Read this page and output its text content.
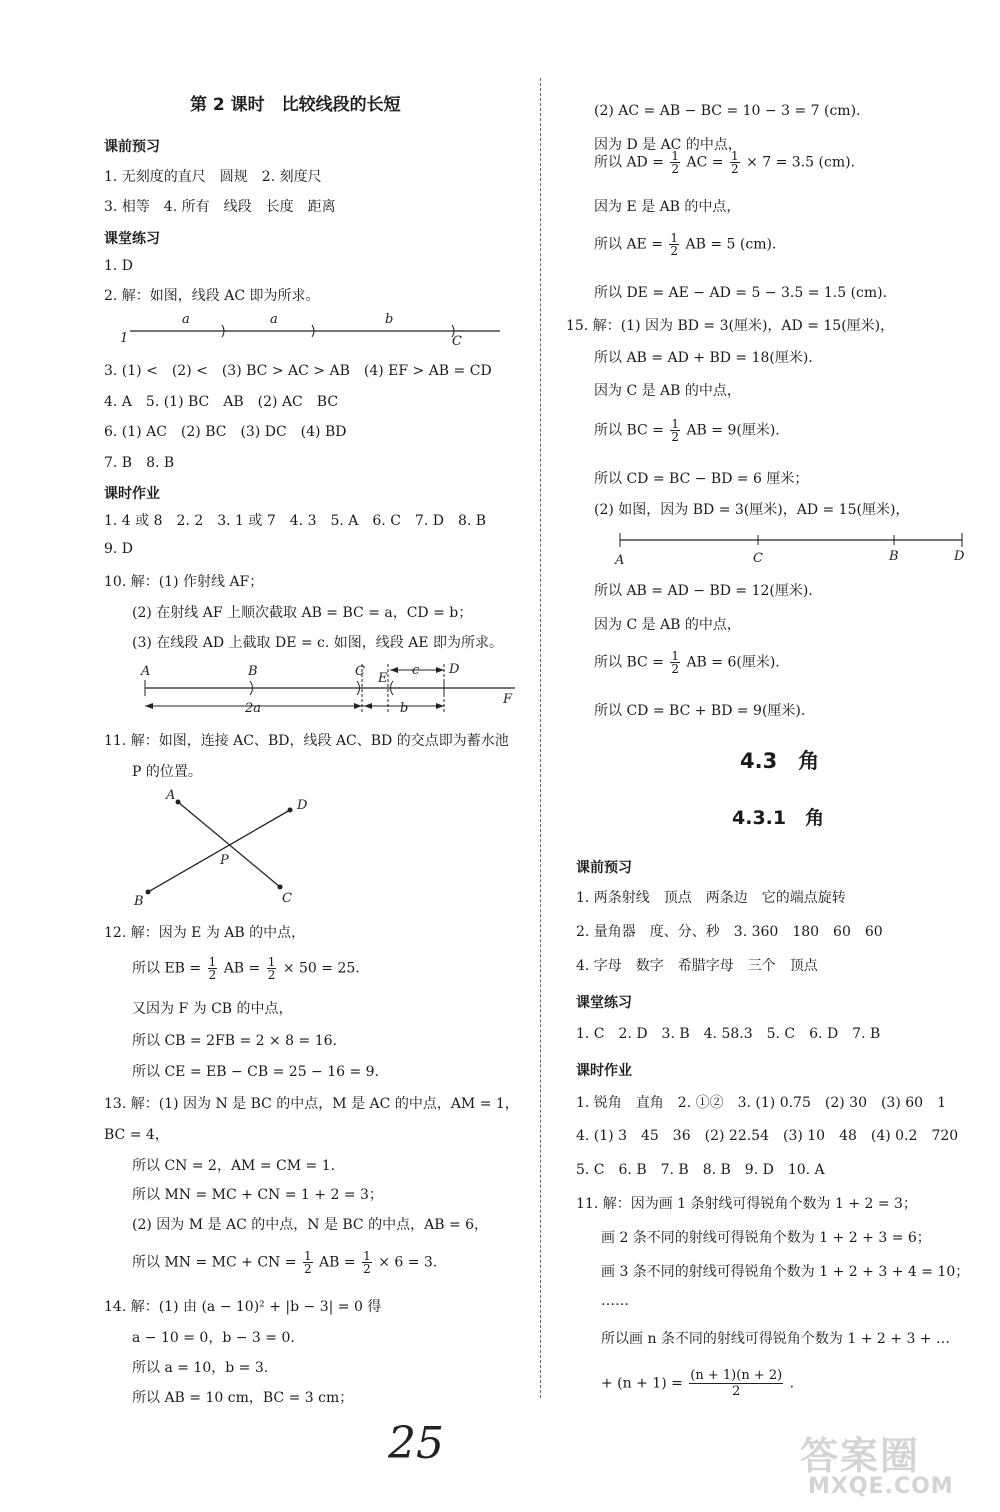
第 2 课时　比较线段的长短
课前预习
1. 无刻度的直尺　圆规　2. 刻度尺
3. 相等　4. 所有　线段　长度　距离
课堂练习
1. D
2. 解：如图，线段 AC 即为所求。
1
a	a	b
C
3. (1) <　(2) <　(3) BC > AC > AB　(4) EF > AB = CD
4. A　5. (1) BC　AB　(2) AC　BC
6. (1) AC　(2) BC　(3) DC　(4) BD
7. B　8. B
课时作业
1. 4 或 8　2. 2　3. 1 或 7　4. 3　5. A　6. C　7. D　8. B
9. D
10. 解：(1) 作射线 AF；
(2) 在射线 AF 上顺次截取 AB = BC = a，CD = b；
(3) 在线段 AD 上截取 DE = c. 如图，线段 AE 即为所求。
A	B	C E
c D
F
2a	b
11. 解：如图，连接 AC、BD，线段 AC、BD 的交点即为蓄水池
P 的位置。
A
D
P
B	C
12. 解：因为 E 为 AB 的中点，
所以 EB = $\frac{1}{2}$ AB = $\frac{1}{2} \times 50 = 25$.
又因为 F 为 CB 的中点，
所以 CB = 2FB = 2 × 8 = 16.
所以 CE = EB − CB = 25 − 16 = 9.
13. 解：(1) 因为 N 是 BC 的中点，M 是 AC 的中点，AM = 1，
BC = 4，
所以 CN = 2，AM = CM = 1.
所以 MN = MC + CN = 1 + 2 = 3；
(2) 因为 M 是 AC 的中点，N 是 BC 的中点，AB = 6，
所以 MN = MC + CN = $\frac{1}{2}$ AB = $\frac{1}{2} \times 6 = 3$.
14. 解：(1) 由 (a − 10)² + |b − 3| = 0 得
a − 10 = 0，b − 3 = 0.
所以 a = 10，b = 3.
所以 AB = 10 cm，BC = 3 cm；
(2) AC = AB − BC = 10 − 3 = 7 (cm).
因为 D 是 AC 的中点，
所以 AD = $\frac{1}{2}$ AC = $\frac{1}{2} \times 7 = 3.5$ (cm).
因为 E 是 AB 的中点，
所以 AE = $\frac{1}{2}$ AB = 5 (cm).
所以 DE = AE − AD = 5 − 3.5 = 1.5 (cm).
15. 解：(1) 因为 BD = 3(厘米)，AD = 15(厘米)，
所以 AB = AD + BD = 18(厘米).
因为 C 是 AB 的中点，
所以 BC = $\frac{1}{2}$ AB = 9(厘米).
所以 CD = BC − BD = 6 厘米；
(2) 如图，因为 BD = 3(厘米)，AD = 15(厘米)，
A	C	B	D
所以 AB = AD − BD = 12(厘米).
因为 C 是 AB 的中点，
所以 BC = $\frac{1}{2}$ AB = 6(厘米).
所以 CD = BC + BD = 9(厘米).
4.3　角
4.3.1　角
课前预习
1. 两条射线　顶点　两条边　它的端点旋转
2. 量角器　度、分、秒　3. 360　180　60　60
4. 字母　数字　希腊字母　三个　顶点
课堂练习
1. C　2. D　3. B　4. 58.3　5. C　6. D　7. B
课时作业
1. 锐角　直角　2. ①②　3. (1) 0.75　(2) 30　(3) 60　1
4. (1) 3　45　36　(2) 22.54　(3) 10　48　(4) 0.2　720
5. C　6. B　7. B　8. B　9. D　10. A
11. 解：因为画 1 条射线可得锐角个数为 1 + 2 = 3；
画 2 条不同的射线可得锐角个数为 1 + 2 + 3 = 6；
画 3 条不同的射线可得锐角个数为 1 + 2 + 3 + 4 = 10；
……
所以画 n 条不同的射线可得锐角个数为 1 + 2 + 3 + …
+ $(n + 1) = \frac{(n + 1)(n + 2)}{2}$ .
25	答案圈
MXQE.COM
